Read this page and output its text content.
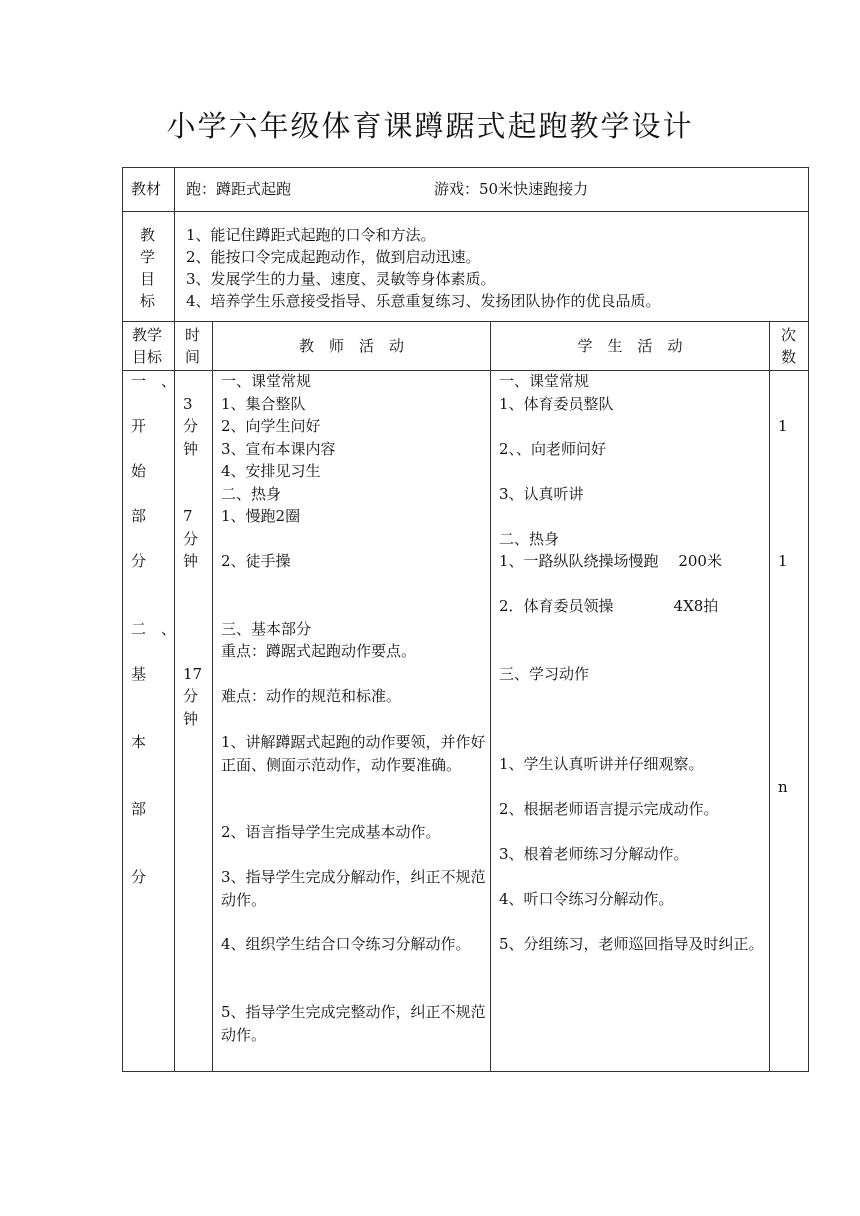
小学六年级体育课蹲踞式起跑教学设计
教材 跑：蹲距式起跑	游戏：50米快速跑接力
教
学
目
标
1、能记住蹲距式起跑的口令和方法。
2、能按口令完成起跑动作，做到启动迅速。
3、发展学生的力量、速度、灵敏等身体素质。
4、培养学生乐意接受指导、乐意重复练习、发扬团队协作的优良品质。
教学
目标
时
间
教　师　活　动	学　生　活　动
次
数
一　、
开
始
部
分
二　、
基
本
部
分
3
分
钟
7
分
钟
17
分
钟
一、课堂常规
1、集合整队
2、向学生问好
3、宣布本课内容
4、安排见习生
二、热身
1、慢跑2圈
2、徒手操
三、基本部分
重点：蹲踞式起跑动作要点。
难点：动作的规范和标准。
1、讲解蹲踞式起跑的动作要领，并作好正面、侧面示范动作，动作要准确。
2、语言指导学生完成基本动作。
3、指导学生完成分解动作，纠正不规范动作。
4、组织学生结合口令练习分解动作。
5、指导学生完成完整动作，纠正不规范动作。
一、课堂常规
1、体育委员整队
2、、向老师问好
3、认真听讲
二、热身
1、一路纵队绕操场慢跑　 200米
2．体育委员领操　　　　4X8拍
三、学习动作
1、学生认真听讲并仔细观察。
2、根据老师语言提示完成动作。
3、根着老师练习分解动作。
4、听口令练习分解动作。
5、分组练习，老师巡回指导及时纠正。
1
1
n
